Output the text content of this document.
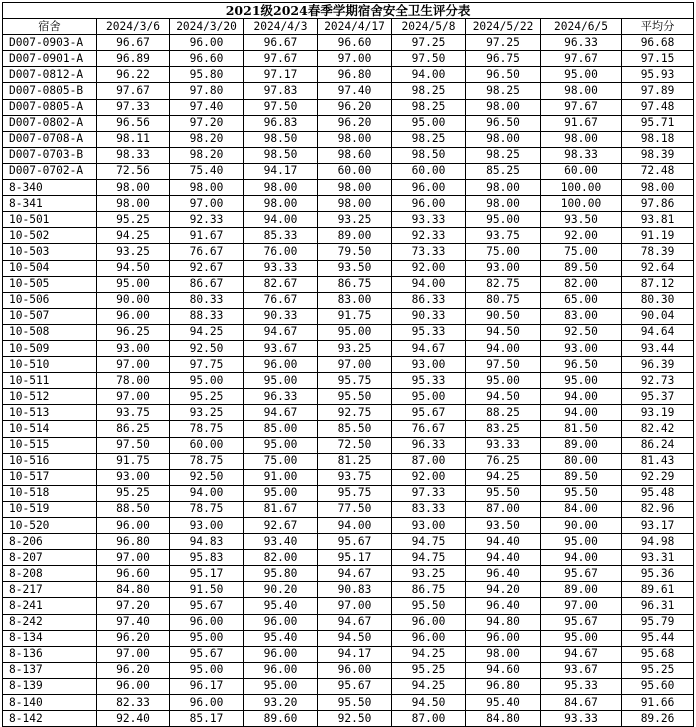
2021级2024春季学期宿舍安全卫生评分表								
宿舍	2024/3/6	2024/3/20	2024/4/3	2024/4/17	2024/5/8	2024/5/22	2024/6/5	平均分
D007-0903-A	96.67	96.00	96.67	96.60	97.25	97.25	96.33	96.68
D007-0901-A	96.89	96.60	97.67	97.00	97.50	96.75	97.67	97.15
D007-0812-A	96.22	95.80	97.17	96.80	94.00	96.50	95.00	95.93
D007-0805-B	97.67	97.80	97.83	97.40	98.25	98.25	98.00	97.89
D007-0805-A	97.33	97.40	97.50	96.20	98.25	98.00	97.67	97.48
D007-0802-A	96.56	97.20	96.83	96.20	95.00	96.50	91.67	95.71
D007-0708-A	98.11	98.20	98.50	98.00	98.25	98.00	98.00	98.18
D007-0703-B	98.33	98.20	98.50	98.60	98.50	98.25	98.33	98.39
D007-0702-A	72.56	75.40	94.17	60.00	60.00	85.25	60.00	72.48
8-340	98.00	98.00	98.00	98.00	96.00	98.00	100.00	98.00
8-341	98.00	97.00	98.00	98.00	96.00	98.00	100.00	97.86
10-501	95.25	92.33	94.00	93.25	93.33	95.00	93.50	93.81
10-502	94.25	91.67	85.33	89.00	92.33	93.75	92.00	91.19
10-503	93.25	76.67	76.00	79.50	73.33	75.00	75.00	78.39
10-504	94.50	92.67	93.33	93.50	92.00	93.00	89.50	92.64
10-505	95.00	86.67	82.67	86.75	94.00	82.75	82.00	87.12
10-506	90.00	80.33	76.67	83.00	86.33	80.75	65.00	80.30
10-507	96.00	88.33	90.33	91.75	90.33	90.50	83.00	90.04
10-508	96.25	94.25	94.67	95.00	95.33	94.50	92.50	94.64
10-509	93.00	92.50	93.67	93.25	94.67	94.00	93.00	93.44
10-510	97.00	97.75	96.00	97.00	93.00	97.50	96.50	96.39
10-511	78.00	95.00	95.00	95.75	95.33	95.00	95.00	92.73
10-512	97.00	95.25	96.33	95.50	95.00	94.50	94.00	95.37
10-513	93.75	93.25	94.67	92.75	95.67	88.25	94.00	93.19
10-514	86.25	78.75	85.00	85.50	76.67	83.25	81.50	82.42
10-515	97.50	60.00	95.00	72.50	96.33	93.33	89.00	86.24
10-516	91.75	78.75	75.00	81.25	87.00	76.25	80.00	81.43
10-517	93.00	92.50	91.00	93.75	92.00	94.25	89.50	92.29
10-518	95.25	94.00	95.00	95.75	97.33	95.50	95.50	95.48
10-519	88.50	78.75	81.67	77.50	83.33	87.00	84.00	82.96
10-520	96.00	93.00	92.67	94.00	93.00	93.50	90.00	93.17
8-206	96.80	94.83	93.40	95.67	94.75	94.40	95.00	94.98
8-207	97.00	95.83	82.00	95.17	94.75	94.40	94.00	93.31
8-208	96.60	95.17	95.80	94.67	93.25	96.40	95.67	95.36
8-217	84.80	91.50	90.20	90.83	86.75	94.20	89.00	89.61
8-241	97.20	95.67	95.40	97.00	95.50	96.40	97.00	96.31
8-242	97.40	96.00	96.00	94.67	96.00	94.80	95.67	95.79
8-134	96.20	95.00	95.40	94.50	96.00	96.00	95.00	95.44
8-136	97.00	95.67	96.00	94.17	94.25	98.00	94.67	95.68
8-137	96.20	95.00	96.00	96.00	95.25	94.60	93.67	95.25
8-139	96.00	96.17	95.00	95.67	94.25	96.80	95.33	95.60
8-140	82.33	96.00	93.20	95.50	94.50	95.40	84.67	91.66
8-142	92.40	85.17	89.60	92.50	87.00	84.80	93.33	89.26
